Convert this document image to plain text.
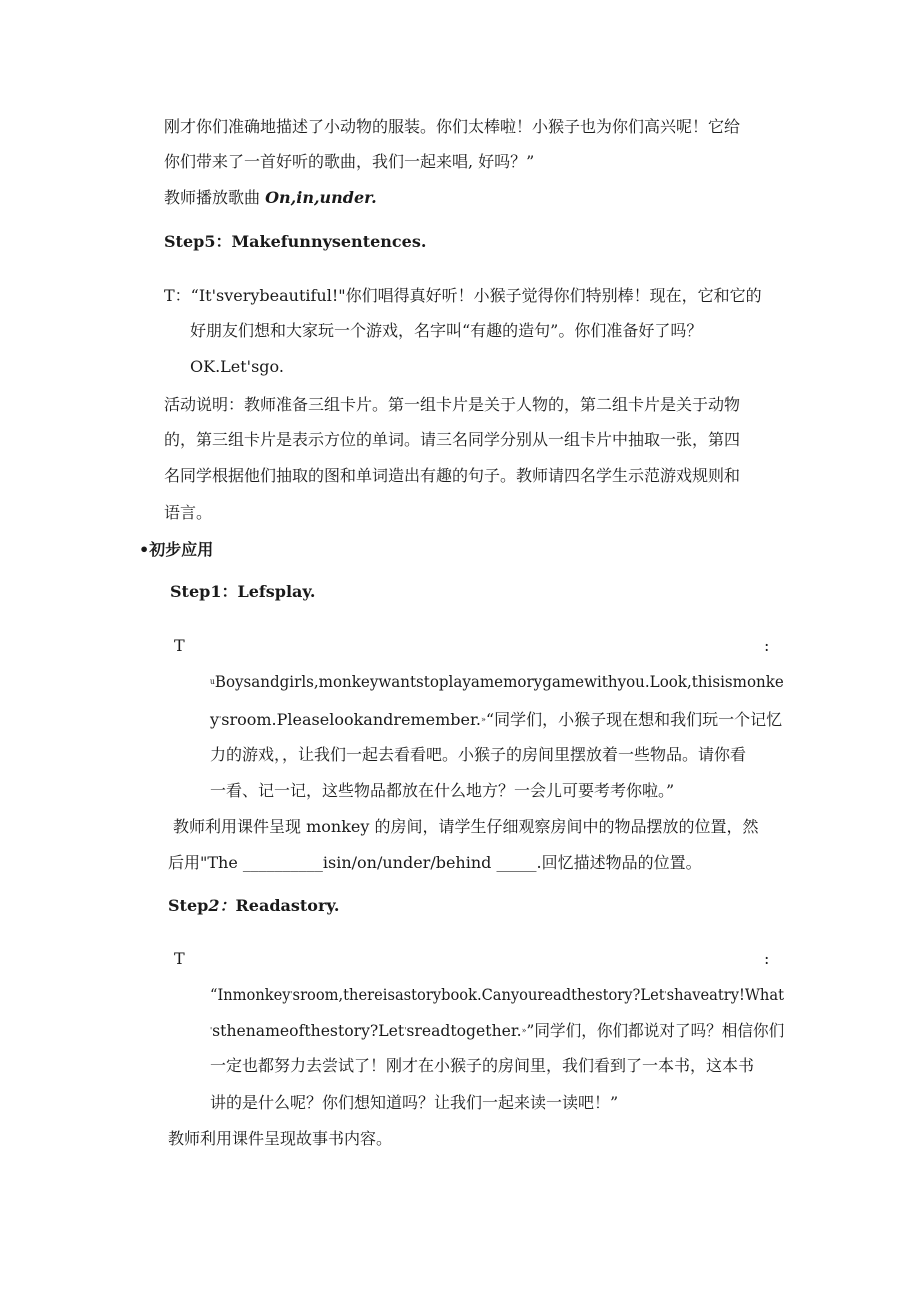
刚才你们准确地描述了小动物的服装。你们太棒啦！小猴子也为你们高兴呢！它给

你们带来了一首好听的歌曲，我们一起来唱, 好吗？”

教师播放歌曲 On,in,under.

Step5：Makefunnysentences.

T：“It'sverybeautiful!"你们唱得真好听！小猴子觉得你们特别棒！现在，它和它的

好朋友们想和大家玩一个游戏，名字叫“有趣的造句”。你们准备好了吗？

OK.Let'sgo.

活动说明：教师准备三组卡片。第一组卡片是关于人物的，第二组卡片是关于动物

的，第三组卡片是表示方位的单词。请三名同学分别从一组卡片中抽取一张，第四

名同学根据他们抽取的图和单词造出有趣的句子。教师请四名学生示范游戏规则和

语言。

•初步应用

Step1：Lefsplay.

T	:

$^u$Boysandgirls,monkeywantstoplayamemorygamewithyou.Look,thisismonke

y'sroom.Pleaselookandremember.»“同学们，小猴子现在想和我们玩一个记忆

力的游戏，，让我们一起去看看吧。小猴子的房间里摆放着一些物品。请你看

一看、记一记，这些物品都放在什么地方？一会儿可要考考你啦。”

教师利用课件呈现 monkey 的房间，请学生仔细观察房间中的物品摆放的位置，然

后用"The __________isin/on/under/behind _____.回忆描述物品的位置。

Step2：Readastory.

T	:

“Inmonkey'sroom,thereisastorybook.Canyoureadthestory?Let'shaveatry!What

'sthenameofthestory?Let'sreadtogether.»”同学们，你们都说对了吗？相信你们

一定也都努力去尝试了！刚才在小猴子的房间里，我们看到了一本书，这本书

讲的是什么呢？你们想知道吗？让我们一起来读一读吧！”

教师利用课件呈现故事书内容。
